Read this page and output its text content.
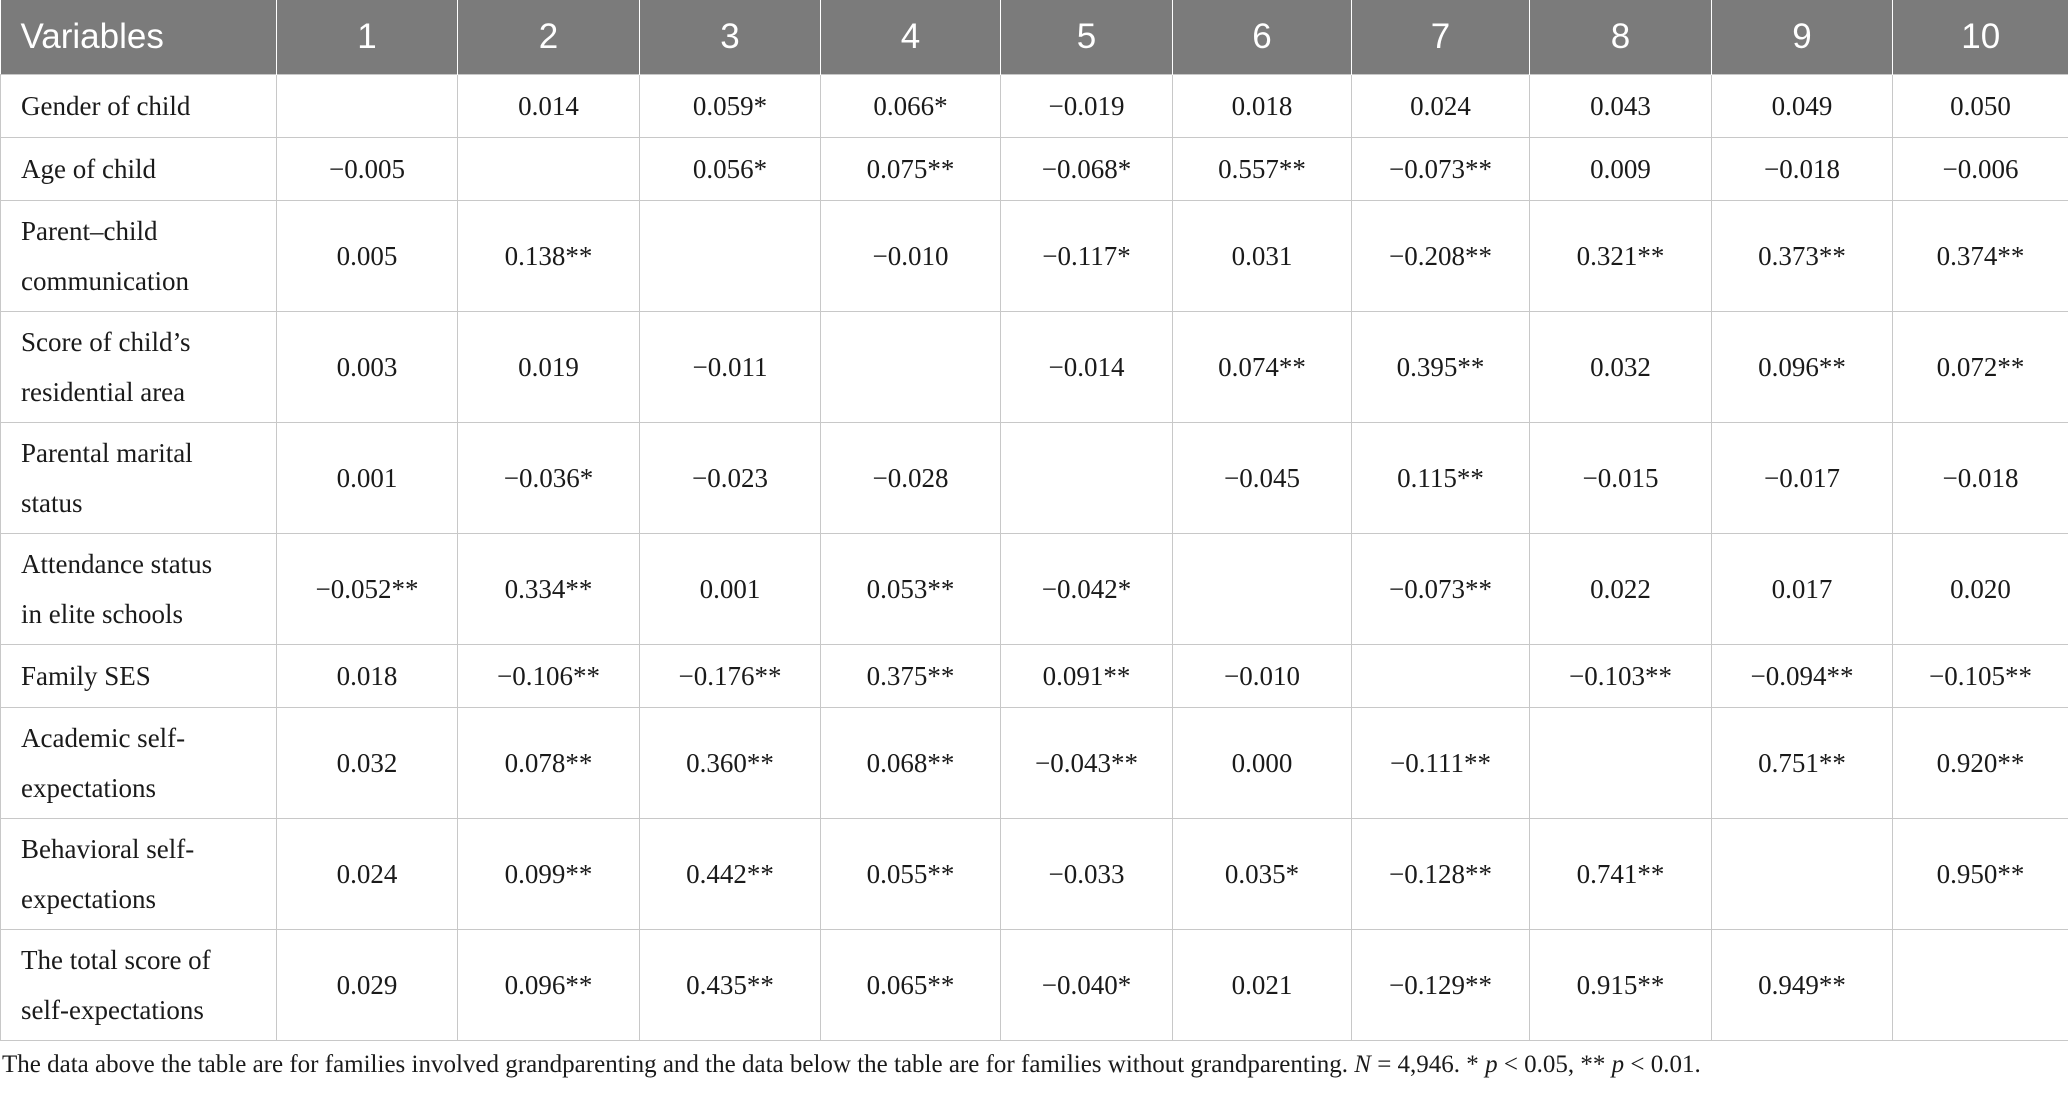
Variables	1	2	3	4	5	6	7	8	9	10
Gender of child		0.014	0.059*	0.066*	−0.019	0.018	0.024	0.043	0.049	0.050
Age of child	−0.005		0.056*	0.075**	−0.068*	0.557**	−0.073**	0.009	−0.018	−0.006
Parent–child
communication	0.005	0.138**		−0.010	−0.117*	0.031	−0.208**	0.321**	0.373**	0.374**
Score of child’s
residential area	0.003	0.019	−0.011		−0.014	0.074**	0.395**	0.032	0.096**	0.072**
Parental marital
status	0.001	−0.036*	−0.023	−0.028		−0.045	0.115**	−0.015	−0.017	−0.018
Attendance status
in elite schools	−0.052**	0.334**	0.001	0.053**	−0.042*		−0.073**	0.022	0.017	0.020
Family SES	0.018	−0.106**	−0.176**	0.375**	0.091**	−0.010		−0.103**	−0.094**	−0.105**
Academic self-
expectations	0.032	0.078**	0.360**	0.068**	−0.043**	0.000	−0.111**		0.751**	0.920**
Behavioral self-
expectations	0.024	0.099**	0.442**	0.055**	−0.033	0.035*	−0.128**	0.741**		0.950**
The total score of
self-expectations	0.029	0.096**	0.435**	0.065**	−0.040*	0.021	−0.129**	0.915**	0.949**	

The data above the table are for families involved grandparenting and the data below the table are for families without grandparenting. N = 4,946. * p < 0.05, ** p < 0.01.
